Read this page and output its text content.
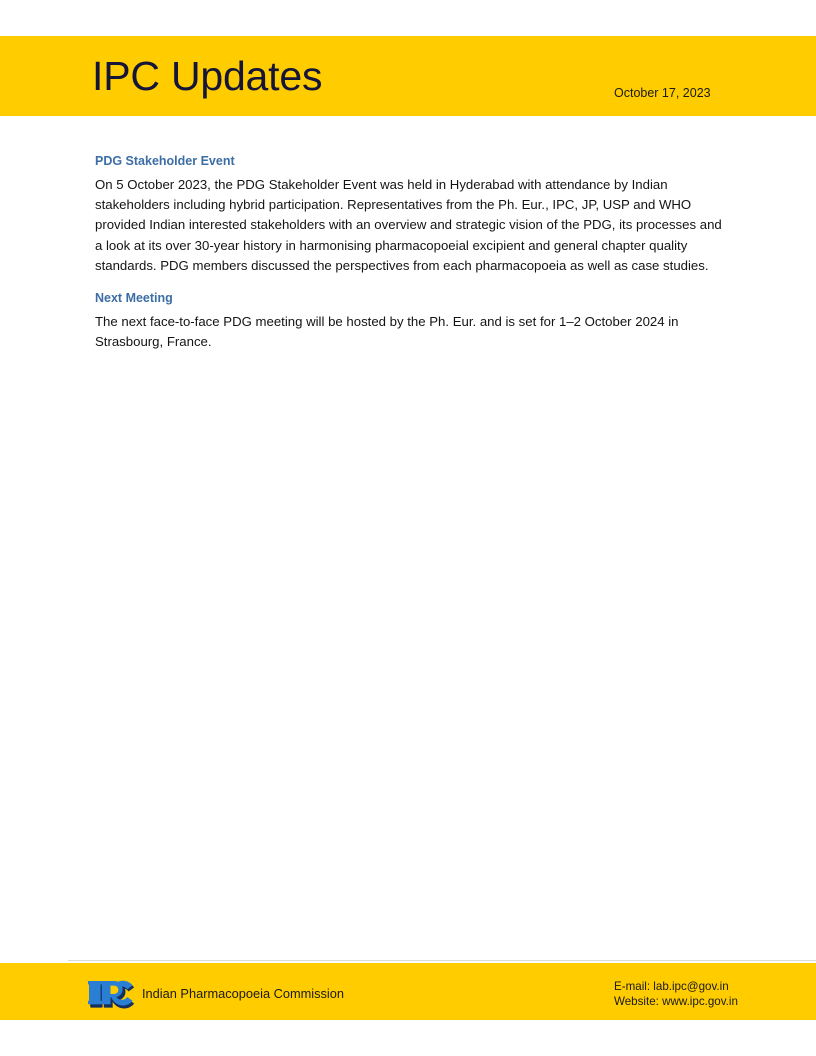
IPC Updates	October 17, 2023

PDG Stakeholder Event

On 5 October 2023, the PDG Stakeholder Event was held in Hyderabad with attendance by Indian stakeholders including hybrid participation. Representatives from the Ph. Eur., IPC, JP, USP and WHO provided Indian interested stakeholders with an overview and strategic vision of the PDG, its processes and a look at its over 30-year history in harmonising pharmacopoeial excipient and general chapter quality standards. PDG members discussed the perspectives from each pharmacopoeia as well as case studies.

Next Meeting

The next face-to-face PDG meeting will be hosted by the Ph. Eur. and is set for 1–2 October 2024 in Strasbourg, France.

Indian Pharmacopoeia Commission	E-mail: lab.ipc@gov.in
Website: www.ipc.gov.in
